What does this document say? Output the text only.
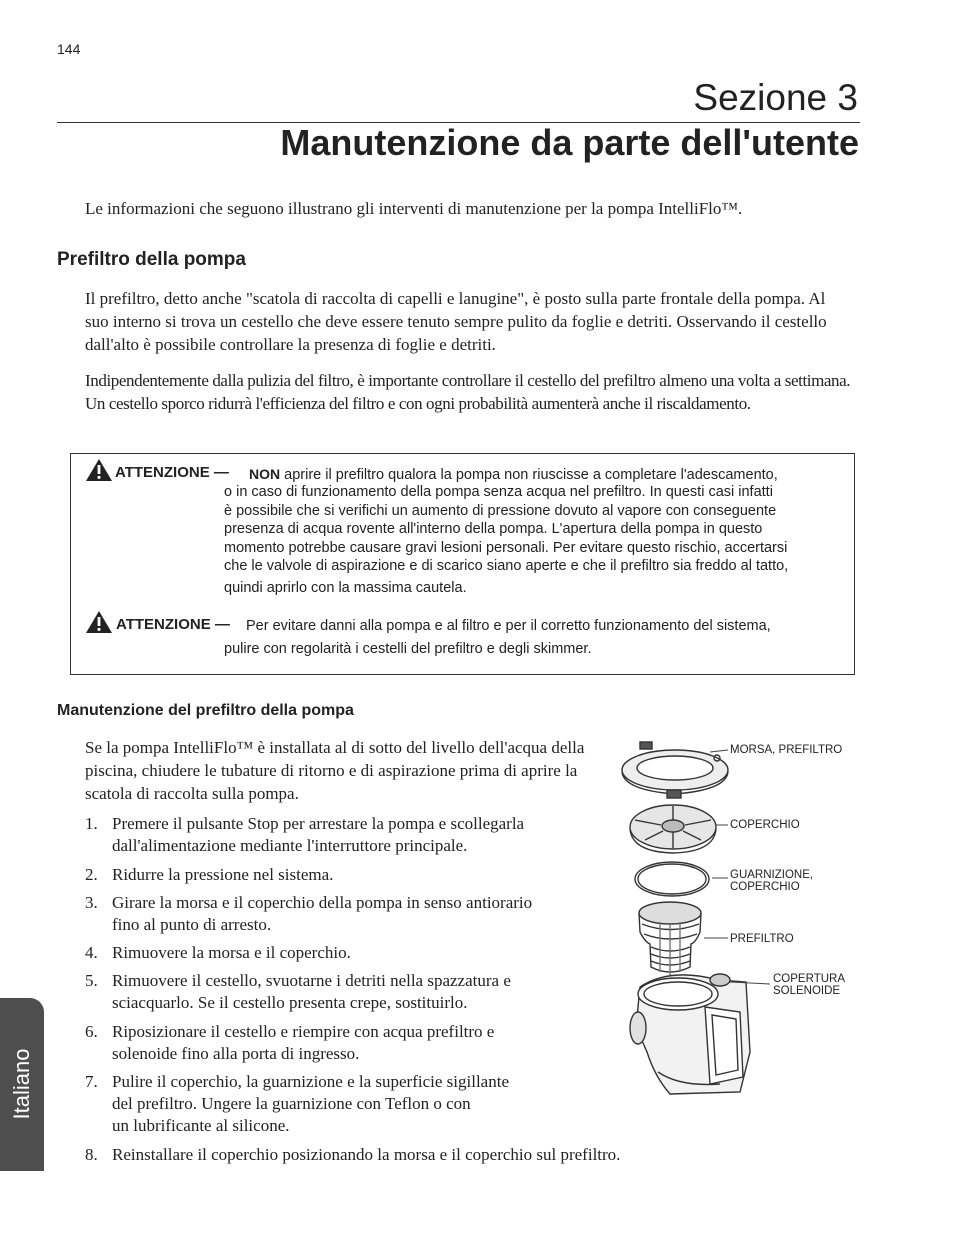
144
Sezione 3
Manutenzione da parte dell'utente
Le informazioni che seguono illustrano gli interventi di manutenzione per la pompa IntelliFlo™.
Prefiltro della pompa
Il prefiltro, detto anche "scatola di raccolta di capelli e lanugine", è posto sulla parte frontale della pompa. Al suo interno si trova un cestello che deve essere tenuto sempre pulito da foglie e detriti. Osservando il cestello dall'alto è possibile controllare la presenza di foglie e detriti.
Indipendentemente dalla pulizia del filtro, è importante controllare il cestello del prefiltro almeno una volta a settimana. Un cestello sporco ridurrà l'efficienza del filtro e con ogni probabilità aumenterà anche il riscaldamento.
ATTENZIONE — NON aprire il prefiltro qualora la pompa non riuscisse a completare l'adescamento,
o in caso di funzionamento della pompa senza acqua nel prefiltro. In questi casi infatti
è possibile che si verifichi un aumento di pressione dovuto al vapore con conseguente
presenza di acqua rovente all'interno della pompa. L'apertura della pompa in questo
momento potrebbe causare gravi lesioni personali. Per evitare questo rischio, accertarsi
che le valvole di aspirazione e di scarico siano aperte e che il prefiltro sia freddo al tatto,
quindi aprirlo con la massima cautela.
ATTENZIONE — Per evitare danni alla pompa e al filtro e per il corretto funzionamento del sistema,
pulire con regolarità i cestelli del prefiltro e degli skimmer.
Manutenzione del prefiltro della pompa
Se la pompa IntelliFlo™ è installata al di sotto del livello dell'acqua della piscina, chiudere le tubature di ritorno e di aspirazione prima di aprire la scatola di raccolta sulla pompa.
1. Premere il pulsante Stop per arrestare la pompa e scollegarla
dall'alimentazione mediante l'interruttore principale.
2. Ridurre la pressione nel sistema.
3. Girare la morsa e il coperchio della pompa in senso antiorario
fino al punto di arresto.
4. Rimuovere la morsa e il coperchio.
5. Rimuovere il cestello, svuotarne i detriti nella spazzatura e
sciacquarlo. Se il cestello presenta crepe, sostituirlo.
6. Riposizionare il cestello e riempire con acqua prefiltro e
solenoide fino alla porta di ingresso.
7. Pulire il coperchio, la guarnizione e la superficie sigillante
del prefiltro. Ungere la guarnizione con Teflon o con
un lubrificante al silicone.
8. Reinstallare il coperchio posizionando la morsa e il coperchio sul prefiltro.
MORSA, PREFILTRO
COPERCHIO
GUARNIZIONE,
COPERCHIO
PREFILTRO
COPERTURA
SOLENOIDE
Italiano
